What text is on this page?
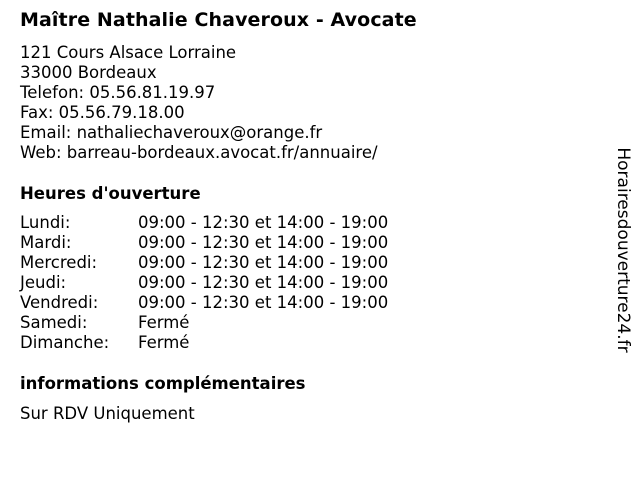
Maître Nathalie Chaveroux - Avocate
121 Cours Alsace Lorraine
33000 Bordeaux
Telefon: 05.56.81.19.97
Fax: 05.56.79.18.00
Email: nathaliechaveroux@orange.fr
Web: barreau-bordeaux.avocat.fr/annuaire/
Heures d'ouverture
Lundi:	09:00 - 12:30 et 14:00 - 19:00
Mardi:	09:00 - 12:30 et 14:00 - 19:00
Mercredi: 09:00 - 12:30 et 14:00 - 19:00
Jeudi:	09:00 - 12:30 et 14:00 - 19:00
Vendredi: 09:00 - 12:30 et 14:00 - 19:00
Samedi:	Fermé
Dimanche: Fermé
informations complémentaires
Sur RDV Uniquement
Horairesdouverture24.fr
